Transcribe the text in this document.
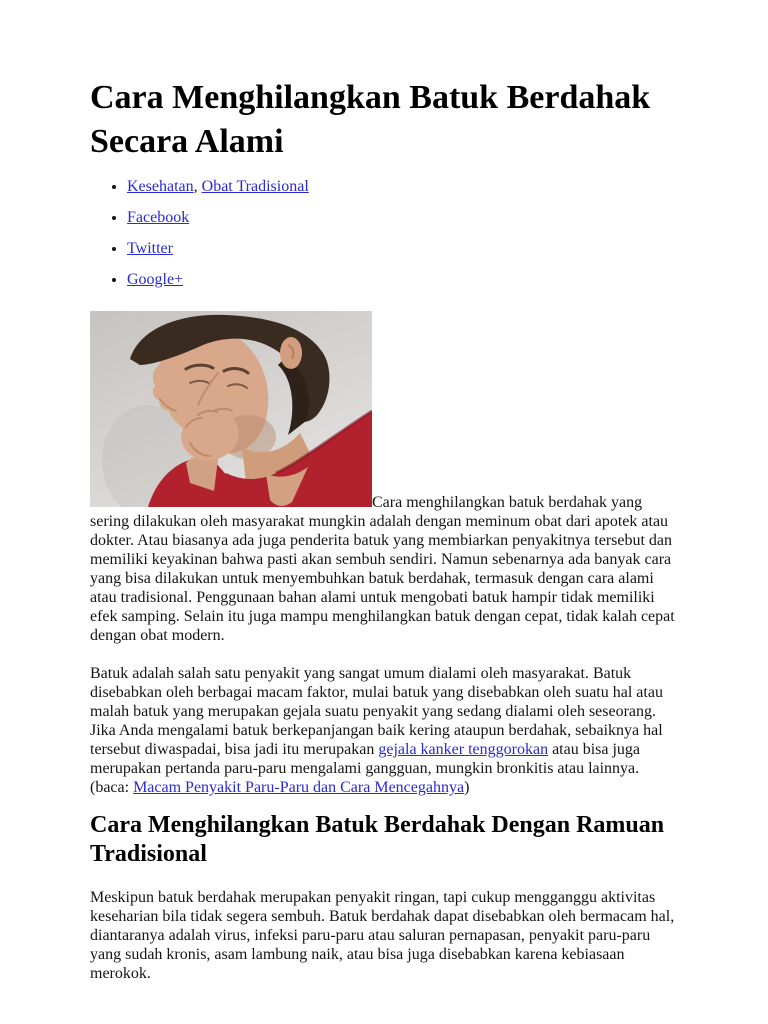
Cara Menghilangkan Batuk Berdahak Secara Alami
• Kesehatan, Obat Tradisional
• Facebook
• Twitter
• Google+

Cara menghilangkan batuk berdahak yang sering dilakukan oleh masyarakat mungkin adalah dengan meminum obat dari apotek atau dokter. Atau biasanya ada juga penderita batuk yang membiarkan penyakitnya tersebut dan memiliki keyakinan bahwa pasti akan sembuh sendiri. Namun sebenarnya ada banyak cara yang bisa dilakukan untuk menyembuhkan batuk berdahak, termasuk dengan cara alami atau tradisional. Penggunaan bahan alami untuk mengobati batuk hampir tidak memiliki efek samping. Selain itu juga mampu menghilangkan batuk dengan cepat, tidak kalah cepat dengan obat modern.

Batuk adalah salah satu penyakit yang sangat umum dialami oleh masyarakat. Batuk disebabkan oleh berbagai macam faktor, mulai batuk yang disebabkan oleh suatu hal atau malah batuk yang merupakan gejala suatu penyakit yang sedang dialami oleh seseorang. Jika Anda mengalami batuk berkepanjangan baik kering ataupun berdahak, sebaiknya hal tersebut diwaspadai, bisa jadi itu merupakan gejala kanker tenggorokan atau bisa juga merupakan pertanda paru-paru mengalami gangguan, mungkin bronkitis atau lainnya. (baca: Macam Penyakit Paru-Paru dan Cara Mencegahnya)

Cara Menghilangkan Batuk Berdahak Dengan Ramuan Tradisional

Meskipun batuk berdahak merupakan penyakit ringan, tapi cukup mengganggu aktivitas keseharian bila tidak segera sembuh. Batuk berdahak dapat disebabkan oleh bermacam hal, diantaranya adalah virus, infeksi paru-paru atau saluran pernapasan, penyakit paru-paru yang sudah kronis, asam lambung naik, atau bisa juga disebabkan karena kebiasaan merokok.
